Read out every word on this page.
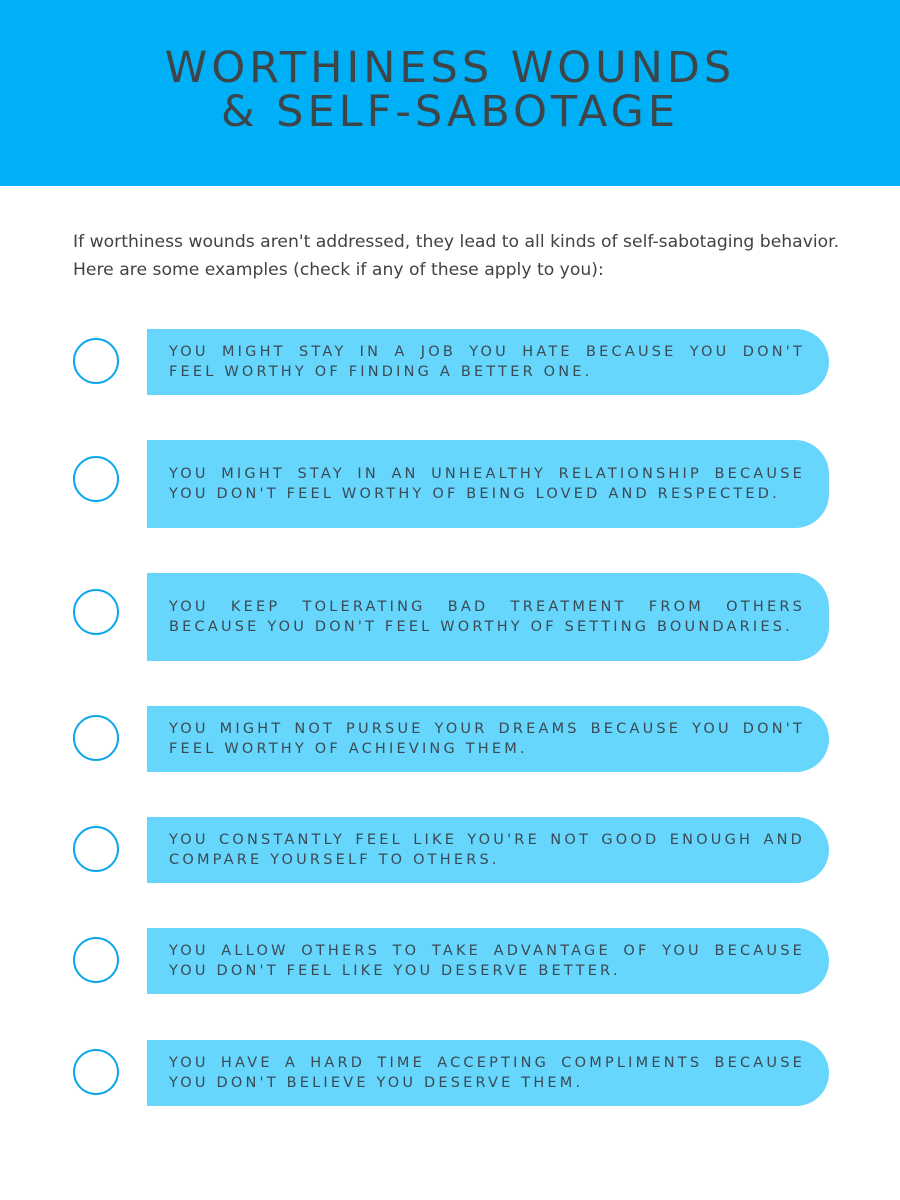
WORTHINESS WOUNDS
& SELF-SABOTAGE

If worthiness wounds aren't addressed, they lead to all kinds of self-sabotaging behavior. Here are some examples (check if any of these apply to you):

YOU MIGHT STAY IN A JOB YOU HATE BECAUSE YOU DON'T FEEL WORTHY OF FINDING A BETTER ONE.

YOU MIGHT STAY IN AN UNHEALTHY RELATIONSHIP BECAUSE YOU DON'T FEEL WORTHY OF BEING LOVED AND RESPECTED.

YOU KEEP TOLERATING BAD TREATMENT FROM OTHERS BECAUSE YOU DON'T FEEL WORTHY OF SETTING BOUNDARIES.

YOU MIGHT NOT PURSUE YOUR DREAMS BECAUSE YOU DON'T FEEL WORTHY OF ACHIEVING THEM.

YOU CONSTANTLY FEEL LIKE YOU'RE NOT GOOD ENOUGH AND COMPARE YOURSELF TO OTHERS.

YOU ALLOW OTHERS TO TAKE ADVANTAGE OF YOU BECAUSE YOU DON'T FEEL LIKE YOU DESERVE BETTER.

YOU HAVE A HARD TIME ACCEPTING COMPLIMENTS BECAUSE YOU DON'T BELIEVE YOU DESERVE THEM.
